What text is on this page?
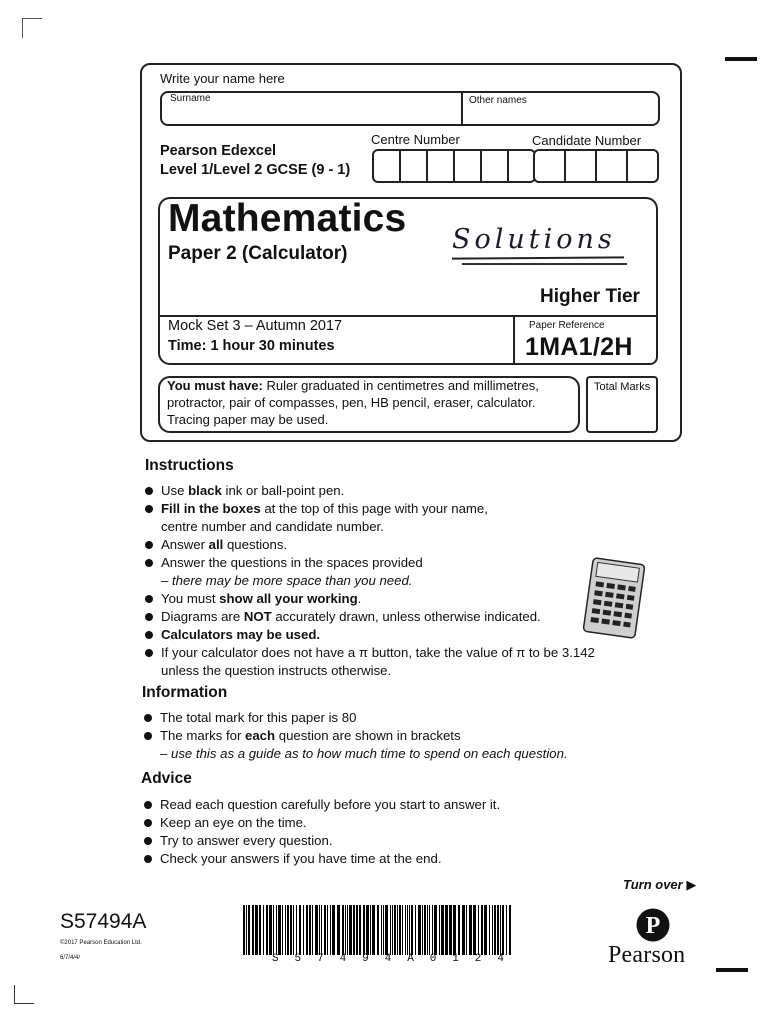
Write your name here
Surname	Other names
Centre Number	Candidate Number
Pearson Edexcel
Level 1/Level 2 GCSE (9 - 1)
Mathematics
Paper 2 (Calculator)	Solutions
Higher Tier
Mock Set 3 – Autumn 2017
Time: 1 hour 30 minutes
Paper Reference
1MA1/2H
You must have: Ruler graduated in centimetres and millimetres, protractor, pair of compasses, pen, HB pencil, eraser, calculator. Tracing paper may be used.
Total Marks
Instructions
Use black ink or ball-point pen.
Fill in the boxes at the top of this page with your name,
centre number and candidate number.
Answer all questions.
Answer the questions in the spaces provided
– there may be more space than you need.
You must show all your working.
Diagrams are NOT accurately drawn, unless otherwise indicated.
Calculators may be used.
If your calculator does not have a π button, take the value of π to be 3.142
unless the question instructs otherwise.
Information
The total mark for this paper is 80
The marks for each question are shown in brackets
– use this as a guide as to how much time to spend on each question.
Advice
Read each question carefully before you start to answer it.
Keep an eye on the time.
Try to answer every question.
Check your answers if you have time at the end.
Turn over ▶
S57494A
©2017 Pearson Education Ltd.
6/7/4/4/	S 5 7 4 9 4 A 0 1 2 4
P
Pearson
